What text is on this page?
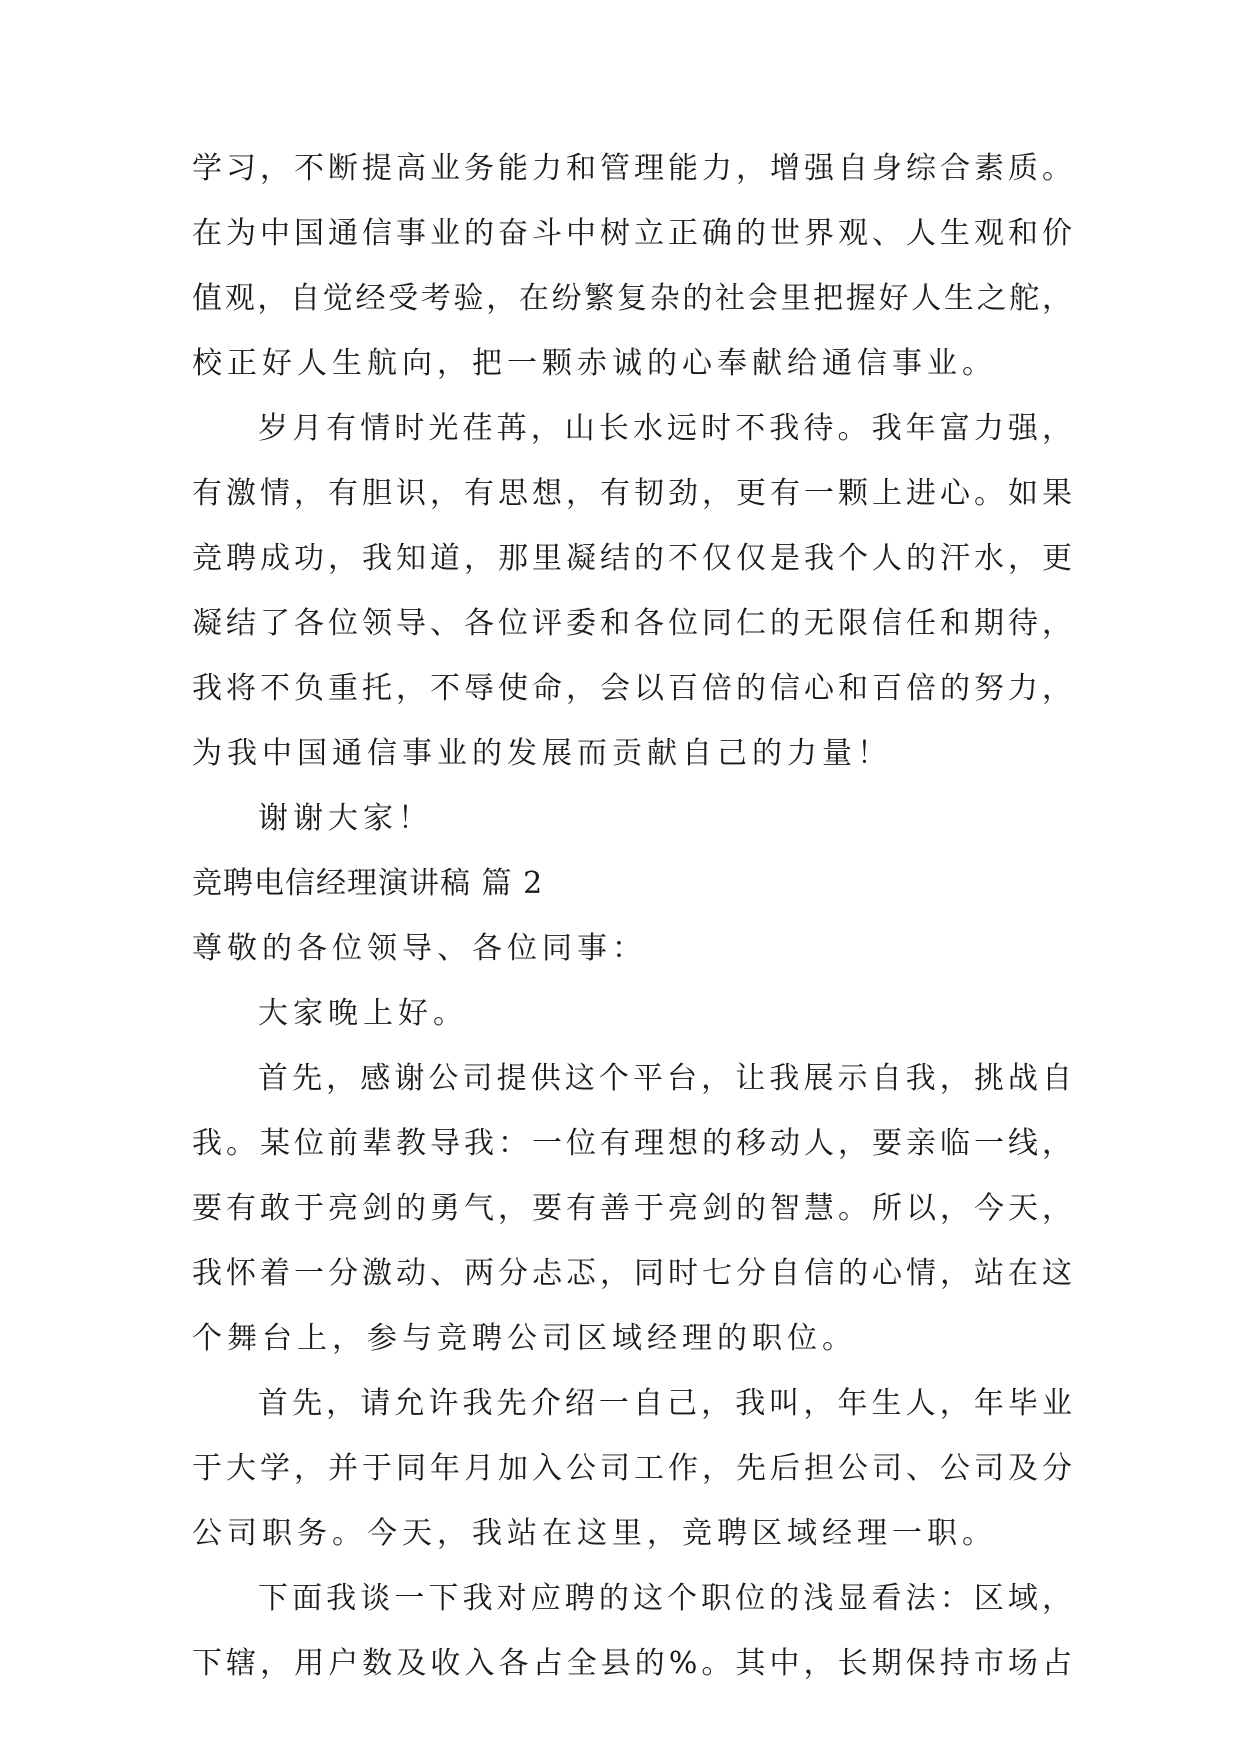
学习，不断提高业务能力和管理能力，增强自身综合素质。
在为中国通信事业的奋斗中树立正确的世界观、人生观和价
值观，自觉经受考验，在纷繁复杂的社会里把握好人生之舵，
校正好人生航向，把一颗赤诚的心奉献给通信事业。
岁月有情时光荏苒，山长水远时不我待。我年富力强，
有激情，有胆识，有思想，有韧劲，更有一颗上进心。如果
竞聘成功，我知道，那里凝结的不仅仅是我个人的汗水，更
凝结了各位领导、各位评委和各位同仁的无限信任和期待，
我将不负重托，不辱使命，会以百倍的信心和百倍的努力，
为我中国通信事业的发展而贡献自己的力量！
谢谢大家！
竞聘电信经理演讲稿 篇 2
尊敬的各位领导、各位同事：
大家晚上好。
首先，感谢公司提供这个平台，让我展示自我，挑战自
我。某位前辈教导我：一位有理想的移动人，要亲临一线，
要有敢于亮剑的勇气，要有善于亮剑的智慧。所以，今天，
我怀着一分激动、两分忐忑，同时七分自信的心情，站在这
个舞台上，参与竞聘公司区域经理的职位。
首先，请允许我先介绍一自己，我叫，年生人，年毕业
于大学，并于同年月加入公司工作，先后担公司、公司及分
公司职务。今天，我站在这里，竞聘区域经理一职。
下面我谈一下我对应聘的这个职位的浅显看法：区域，
下辖，用户数及收入各占全县的%。其中，长期保持市场占
